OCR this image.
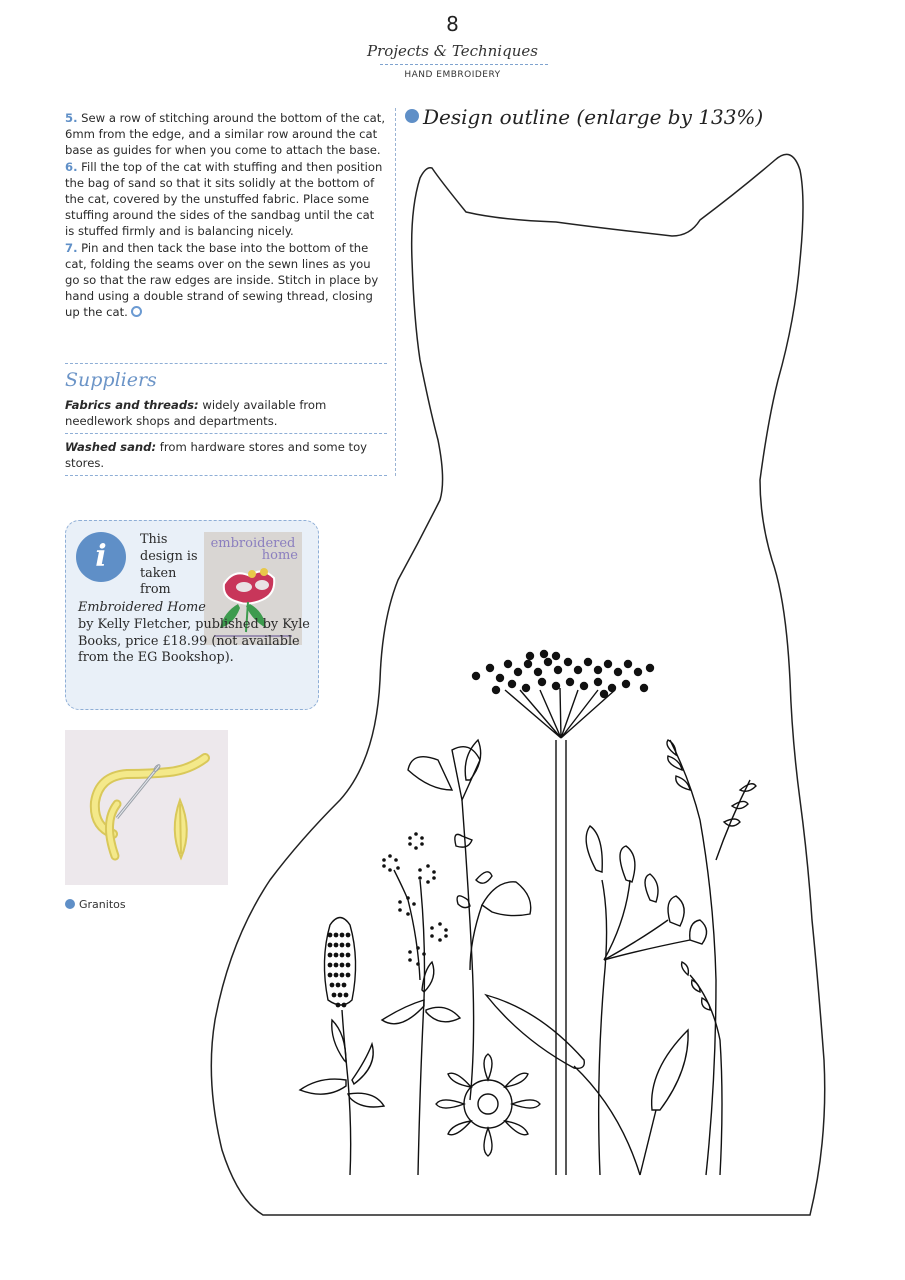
8
Projects & Techniques
HAND EMBROIDERY

5. Sew a row of stitching around the bottom of the cat, 6mm from the edge, and a similar row around the cat base as guides for when you come to attach the base.

6. Fill the top of the cat with stuffing and then position the bag of sand so that it sits solidly at the bottom of the cat, covered by the unstuffed fabric. Place some stuffing around the sides of the sandbag until the cat is stuffed firmly and is balancing nicely.

7. Pin and then tack the base into the bottom of the cat, folding the seams over on the sewn lines as you go so that the raw edges are inside. Stitch in place by hand using a double strand of sewing thread, closing up the cat.

Suppliers
Fabrics and threads: widely available from needlework shops and departments.
Washed sand: from hardware stores and some toy stores.
embroidered
home
i	This design is taken from Embroidered Home by Kelly Fletcher, published by Kyle Books, price £18.99 (not available from the EG Bookshop).
Granitos
Design outline (enlarge by 133%)
